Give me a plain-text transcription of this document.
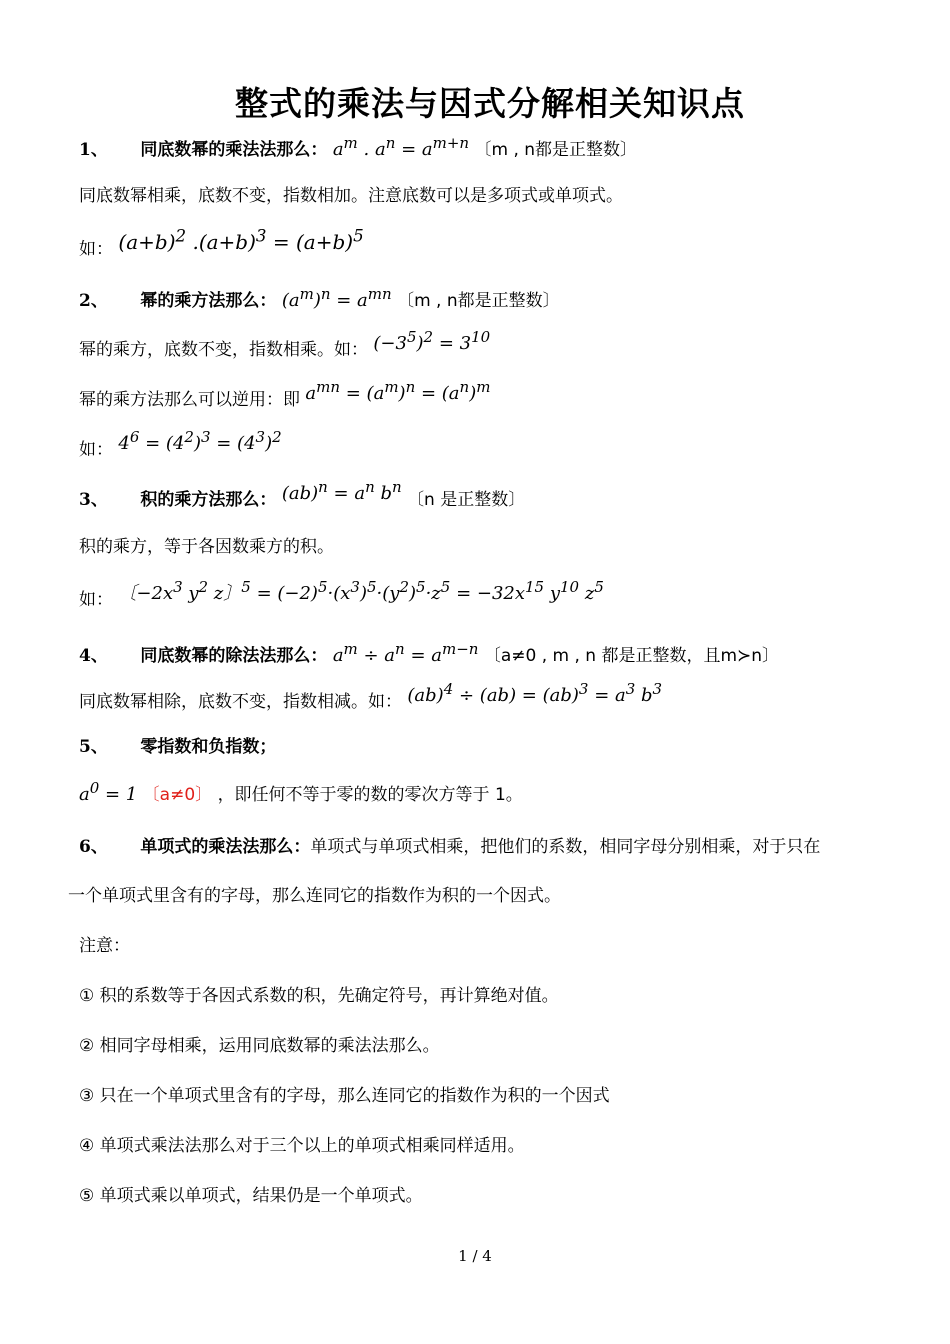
整式的乘法与因式分解相关知识点
1、 同底数幂的乘法法那么： $a^m$ . $a^n = a^{m+n}$ 〔m , n都是正整数〕
同底数幂相乘，底数不变，指数相加。注意底数可以是多项式或单项式。
如： $(a+b)^2$ $.(a+b)^3 = (a+b)^5$
2、 幂的乘方法那么： $(a^m)^n = a^{mn}$ 〔m , n都是正整数〕
幂的乘方，底数不变，指数相乘。如： $(-3^5)^2 = 3^{10}$
幂的乘方法那么可以逆用：即 $a^{mn} = (a^m)^n = (a^n)^m$
如： $4^6 = (4^2)^3 = (4^3)^2$
3、 积的乘方法那么： $(ab)^n = a^n$ $b^n$ 〔n 是正整数〕
积的乘方，等于各因数乘方的积。
如： 〔$-2x^3$ $y^2$ z〕$^5 = (-2)^5\cdot(x^3)^5\cdot(y^2)^5\cdot z^5 = -32x^{15}$ $y^{10}$ $z^5$
4、 同底数幂的除法法那么： $a^m \div a^n = a^{m-n}$ 〔a≠0 , m , n 都是正整数，且m≻n〕
同底数幂相除，底数不变，指数相减。如： $(ab)^4 \div (ab) = (ab)^3 = a^3$ $b^3$
5、 零指数和负指数；
$a^0 = 1$ 〔a≠0〕 ，即任何不等于零的数的零次方等于 1。
6、 单项式的乘法法那么：单项式与单项式相乘，把他们的系数，相同字母分别相乘，对于只在
一个单项式里含有的字母，那么连同它的指数作为积的一个因式。
注意：
① 积的系数等于各因式系数的积，先确定符号，再计算绝对值。
② 相同字母相乘，运用同底数幂的乘法法那么。
③ 只在一个单项式里含有的字母，那么连同它的指数作为积的一个因式
④ 单项式乘法法那么对于三个以上的单项式相乘同样适用。
⑤ 单项式乘以单项式，结果仍是一个单项式。
1 / 4
